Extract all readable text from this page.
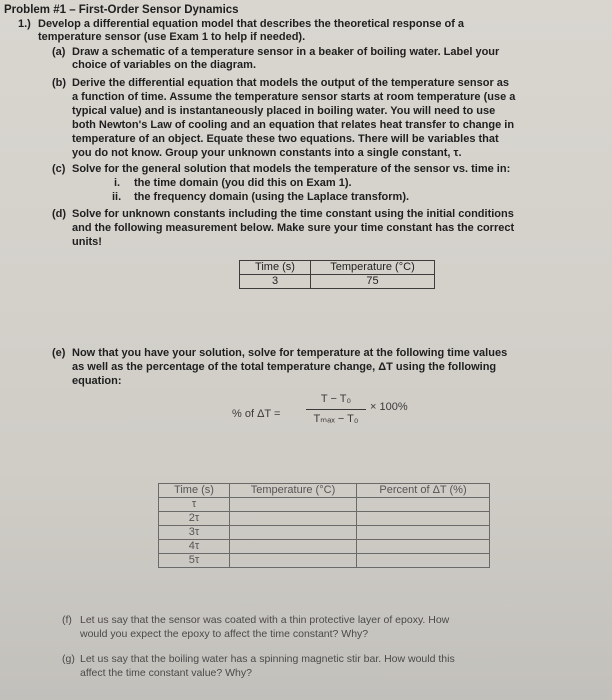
Problem #1 – First-Order Sensor Dynamics
1.) Develop a differential equation model that describes the theoretical response of a
temperature sensor (use Exam 1 to help if needed).
(a) Draw a schematic of a temperature sensor in a beaker of boiling water. Label your
choice of variables on the diagram.
(b) Derive the differential equation that models the output of the temperature sensor as
a function of time. Assume the temperature sensor starts at room temperature (use a
typical value) and is instantaneously placed in boiling water. You will need to use
both Newton's Law of cooling and an equation that relates heat transfer to change in
temperature of an object. Equate these two equations. There will be variables that
you do not know. Group your unknown constants into a single constant, τ.
(c) Solve for the general solution that models the temperature of the sensor vs. time in:
i. the time domain (you did this on Exam 1).
ii. the frequency domain (using the Laplace transform).
(d) Solve for unknown constants including the time constant using the initial conditions
and the following measurement below. Make sure your time constant has the correct
units!
Time (s)	Temperature (°C)
3	75
(e) Now that you have your solution, solve for temperature at the following time values
as well as the percentage of the total temperature change, ΔT using the following
equation:
% of ΔT =
T − T₀
Tₘₐₓ − T₀
× 100%
Time (s)	Temperature (°C)	Percent of ΔT (%)
τ		
2τ		
3τ		
4τ		
5τ		
(f) Let us say that the sensor was coated with a thin protective layer of epoxy. How
would you expect the epoxy to affect the time constant? Why?
(g) Let us say that the boiling water has a spinning magnetic stir bar. How would this
affect the time constant value? Why?
